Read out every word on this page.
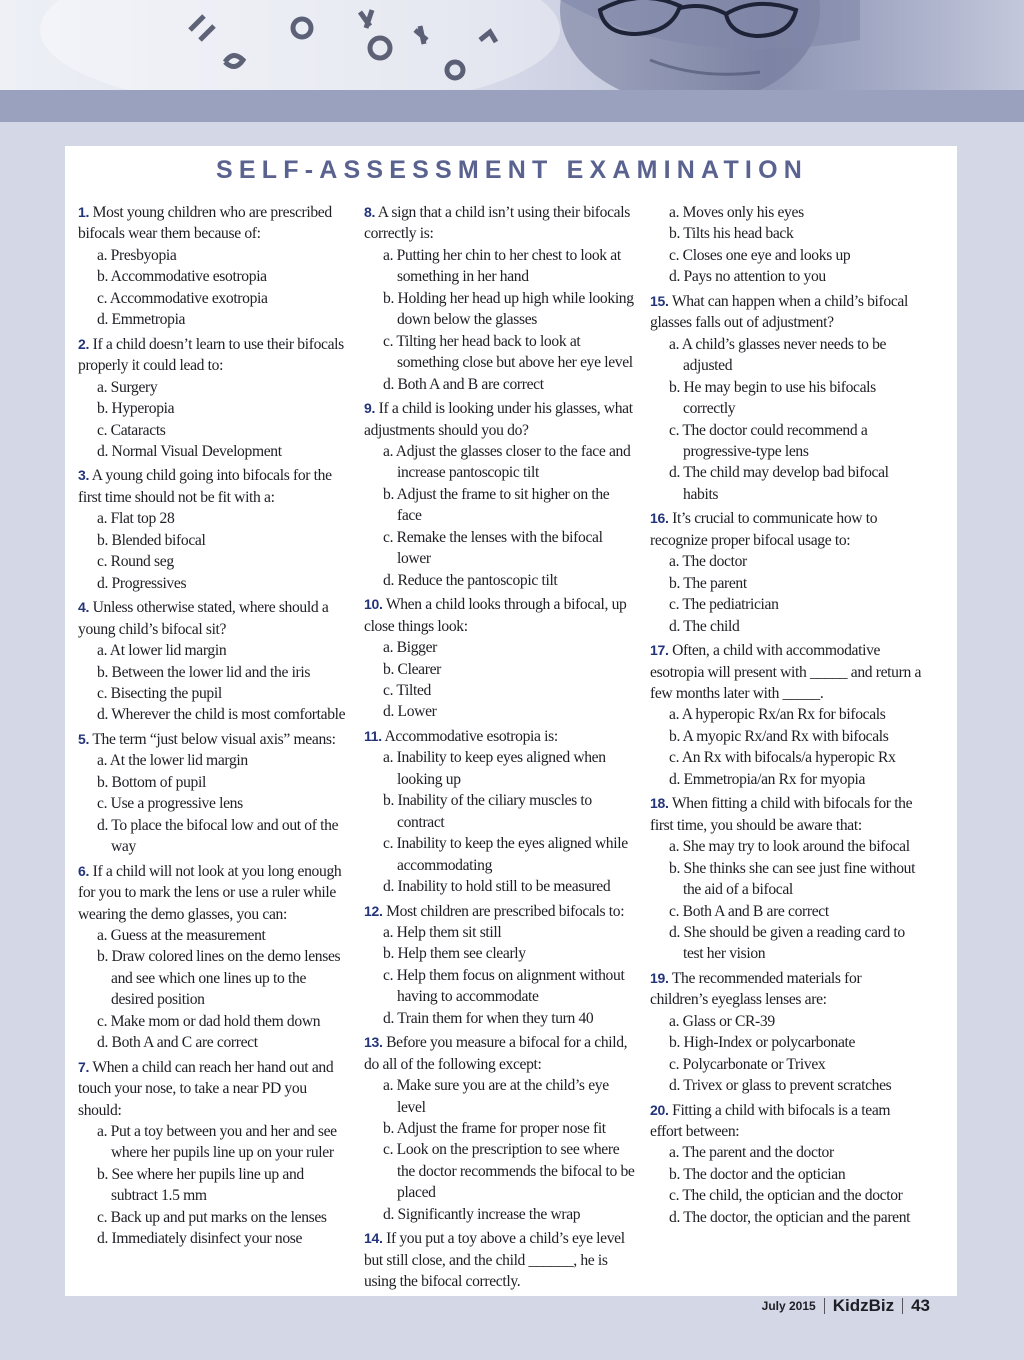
SELF-ASSESSMENT EXAMINATION

1. Most young children who are prescribed bifocals wear them because of:

a. Presbyopia
b. Accommodative esotropia
c. Accommodative exotropia
d. Emmetropia

2. If a child doesn’t learn to use their bifocals properly it could lead to:

a. Surgery
b. Hyperopia
c. Cataracts
d. Normal Visual Development

3. A young child going into bifocals for the first time should not be fit with a:

a. Flat top 28
b. Blended bifocal
c. Round seg
d. Progressives

4. Unless otherwise stated, where should a young child’s bifocal sit?

a. At lower lid margin
b. Between the lower lid and the iris
c. Bisecting the pupil
d. Wherever the child is most comfortable

5. The term “just below visual axis” means:

a. At the lower lid margin
b. Bottom of pupil
c. Use a progressive lens
d. To place the bifocal low and out of the way

6. If a child will not look at you long enough for you to mark the lens or use a ruler while wearing the demo glasses, you can:

a. Guess at the measurement
b. Draw colored lines on the demo lenses and see which one lines up to the desired position
c. Make mom or dad hold them down
d. Both A and C are correct

7. When a child can reach her hand out and touch your nose, to take a near PD you should:

a. Put a toy between you and her and see where her pupils line up on your ruler
b. See where her pupils line up and subtract 1.5 mm
c. Back up and put marks on the lenses
d. Immediately disinfect your nose

8. A sign that a child isn’t using their bifocals correctly is:

a. Putting her chin to her chest to look at something in her hand
b. Holding her head up high while looking down below the glasses
c. Tilting her head back to look at something close but above her eye level
d. Both A and B are correct

9. If a child is looking under his glasses, what adjustments should you do?

a. Adjust the glasses closer to the face and increase pantoscopic tilt
b. Adjust the frame to sit higher on the face
c. Remake the lenses with the bifocal lower
d. Reduce the pantoscopic tilt

10. When a child looks through a bifocal, up close things look:

a. Bigger
b. Clearer
c. Tilted
d. Lower

11. Accommodative esotropia is:

a. Inability to keep eyes aligned when looking up
b. Inability of the ciliary muscles to contract
c. Inability to keep the eyes aligned while accommodating
d. Inability to hold still to be measured

12. Most children are prescribed bifocals to:

a. Help them sit still
b. Help them see clearly
c. Help them focus on alignment without having to accommodate
d. Train them for when they turn 40

13. Before you measure a bifocal for a child, do all of the following except:

a. Make sure you are at the child’s eye level
b. Adjust the frame for proper nose fit
c. Look on the prescription to see where the doctor recommends the bifocal to be placed
d. Significantly increase the wrap

14. If you put a toy above a child’s eye level but still close, and the child ______, he is using the bifocal correctly.

a. Moves only his eyes
b. Tilts his head back
c. Closes one eye and looks up
d. Pays no attention to you

15. What can happen when a child’s bifocal glasses falls out of adjustment?

a. A child’s glasses never needs to be adjusted
b. He may begin to use his bifocals correctly
c. The doctor could recommend a progressive-type lens
d. The child may develop bad bifocal habits

16. It’s crucial to communicate how to recognize proper bifocal usage to:

a. The doctor
b. The parent
c. The pediatrician
d. The child

17. Often, a child with accommodative esotropia will present with _____ and return a few months later with _____.

a. A hyperopic Rx/an Rx for bifocals
b. A myopic Rx/and Rx with bifocals
c. An Rx with bifocals/a hyperopic Rx
d. Emmetropia/an Rx for myopia

18. When fitting a child with bifocals for the first time, you should be aware that:

a. She may try to look around the bifocal
b. She thinks she can see just fine without the aid of a bifocal
c. Both A and B are correct
d. She should be given a reading card to test her vision

19. The recommended materials for children’s eyeglass lenses are:

a. Glass or CR-39
b. High-Index or polycarbonate
c. Polycarbonate or Trivex
d. Trivex or glass to prevent scratches

20. Fitting a child with bifocals is a team effort between:

a. The parent and the doctor
b. The doctor and the optician
c. The child, the optician and the doctor
d. The doctor, the optician and the parent
July 2015 KidzBiz 43
